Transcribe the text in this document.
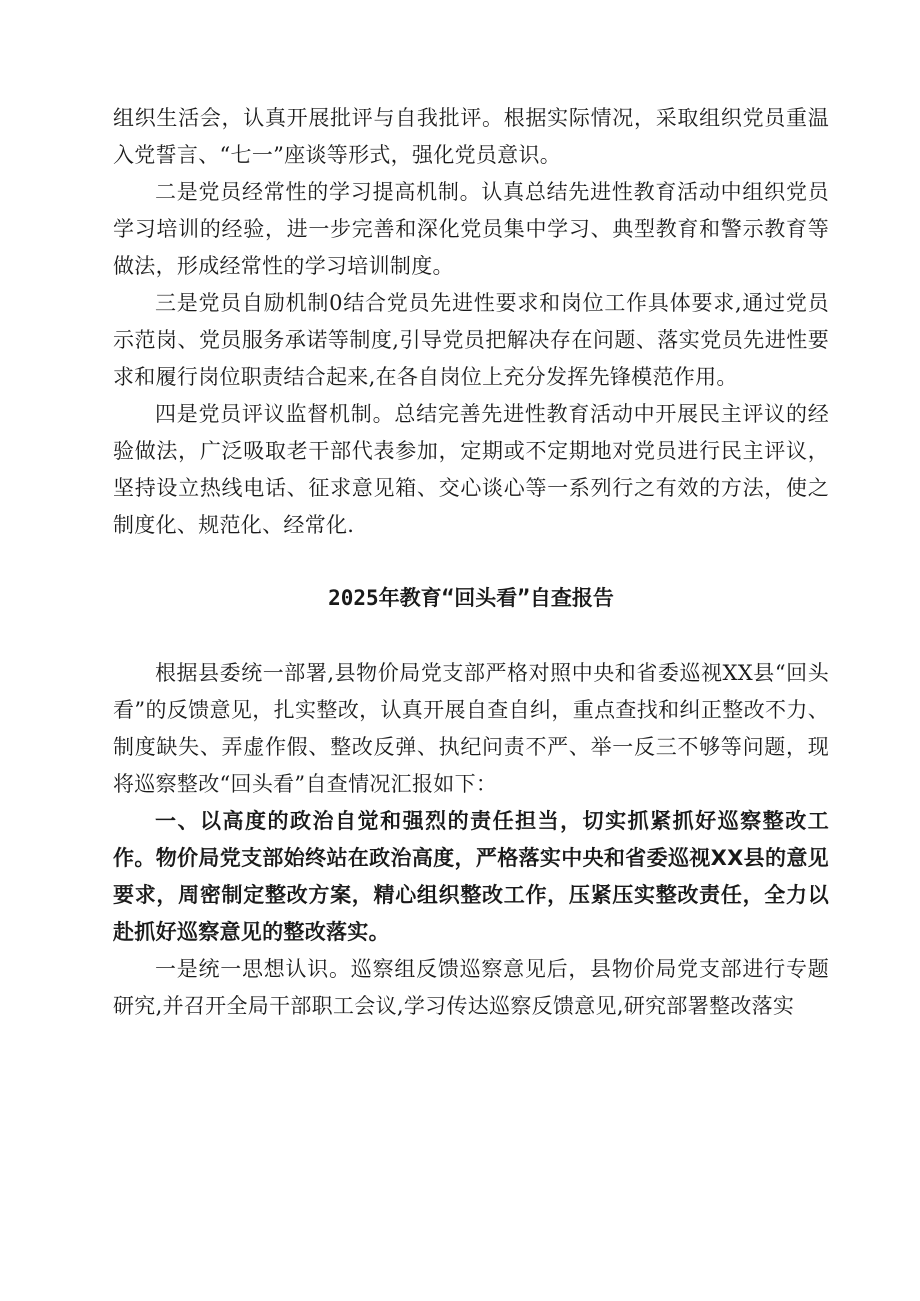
组织生活会，认真开展批评与自我批评。根据实际情况，采取组织党员重温入党誓言、“七一”座谈等形式，强化党员意识。

二是党员经常性的学习提高机制。认真总结先进性教育活动中组织党员学习培训的经验，进一步完善和深化党员集中学习、典型教育和警示教育等做法，形成经常性的学习培训制度。

三是党员自励机制0结合党员先进性要求和岗位工作具体要求,通过党员示范岗、党员服务承诺等制度,引导党员把解决存在问题、落实党员先进性要求和履行岗位职责结合起来,在各自岗位上充分发挥先锋模范作用。

四是党员评议监督机制。总结完善先进性教育活动中开展民主评议的经验做法，广泛吸取老干部代表参加，定期或不定期地对党员进行民主评议，坚持设立热线电话、征求意见箱、交心谈心等一系列行之有效的方法，使之制度化、规范化、经常化.

2025年教育“回头看”自查报告

根据县委统一部署,县物价局党支部严格对照中央和省委巡视XX县“回头看”的反馈意见，扎实整改，认真开展自查自纠，重点查找和纠正整改不力、制度缺失、弄虚作假、整改反弹、执纪问责不严、举一反三不够等问题，现将巡察整改“回头看”自查情况汇报如下：

一、以高度的政治自觉和强烈的责任担当，切实抓紧抓好巡察整改工作。物价局党支部始终站在政治高度，严格落实中央和省委巡视XX县的意见要求，周密制定整改方案，精心组织整改工作，压紧压实整改责任，全力以赴抓好巡察意见的整改落实。

一是统一思想认识。巡察组反馈巡察意见后，县物价局党支部进行专题研究,并召开全局干部职工会议,学习传达巡察反馈意见,研究部署整改落实
